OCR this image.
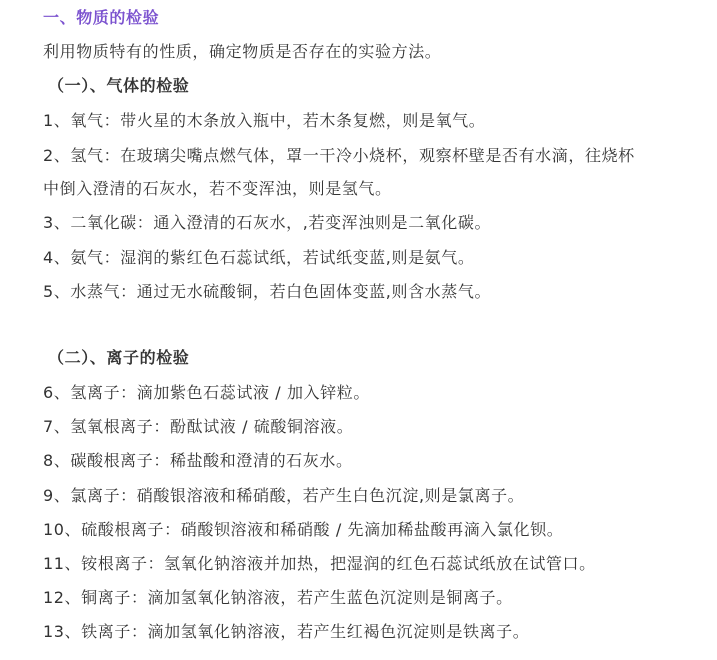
一、物质的检验
利用物质特有的性质，确定物质是否存在的实验方法。
（一）、气体的检验
1、氧气：带火星的木条放入瓶中，若木条复燃，则是氧气。
2、氢气：在玻璃尖嘴点燃气体，罩一干冷小烧杯，观察杯壁是否有水滴，往烧杯
中倒入澄清的石灰水，若不变浑浊，则是氢气。
3、二氧化碳：通入澄清的石灰水，,若变浑浊则是二氧化碳。
4、氨气：湿润的紫红色石蕊试纸，若试纸变蓝,则是氨气。
5、水蒸气：通过无水硫酸铜，若白色固体变蓝,则含水蒸气。
（二）、离子的检验
6、氢离子：滴加紫色石蕊试液 / 加入锌粒。
7、氢氧根离子：酚酞试液 / 硫酸铜溶液。
8、碳酸根离子：稀盐酸和澄清的石灰水。
9、氯离子：硝酸银溶液和稀硝酸，若产生白色沉淀,则是氯离子。
10、硫酸根离子：硝酸钡溶液和稀硝酸 / 先滴加稀盐酸再滴入氯化钡。
11、铵根离子：氢氧化钠溶液并加热，把湿润的红色石蕊试纸放在试管口。
12、铜离子：滴加氢氧化钠溶液，若产生蓝色沉淀则是铜离子。
13、铁离子：滴加氢氧化钠溶液，若产生红褐色沉淀则是铁离子。
